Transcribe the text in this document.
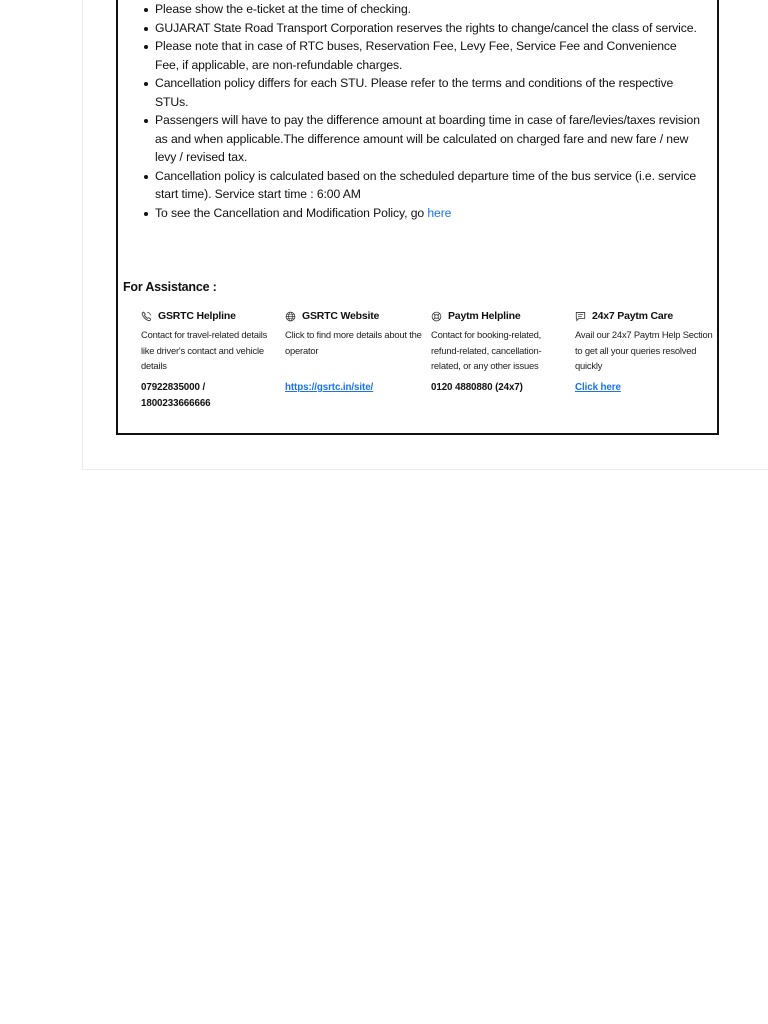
Please show the e-ticket at the time of checking.
GUJARAT State Road Transport Corporation reserves the rights to change/cancel the class of service.
Please note that in case of RTC buses, Reservation Fee, Levy Fee, Service Fee and Convenience Fee, if applicable, are non-refundable charges.
Cancellation policy differs for each STU. Please refer to the terms and conditions of the respective STUs.
Passengers will have to pay the difference amount at boarding time in case of fare/levies/taxes revision as and when applicable.The difference amount will be calculated on charged fare and new fare / new levy / revised tax.
Cancellation policy is calculated based on the scheduled departure time of the bus service (i.e. service start time). Service start time : 6:00 AM
To see the Cancellation and Modification Policy, go here
For Assistance :
GSRTC Helpline
Contact for travel-related details like driver's contact and vehicle details
07922835000 / 1800233666666
GSRTC Website
Click to find more details about the operator
https://gsrtc.in/site/
Paytm Helpline
Contact for booking-related, refund-related, cancellation-related, or any other issues
0120 4880880 (24x7)
24x7 Paytm Care
Avail our 24x7 Paytm Help Section to get all your queries resolved quickly
Click here
